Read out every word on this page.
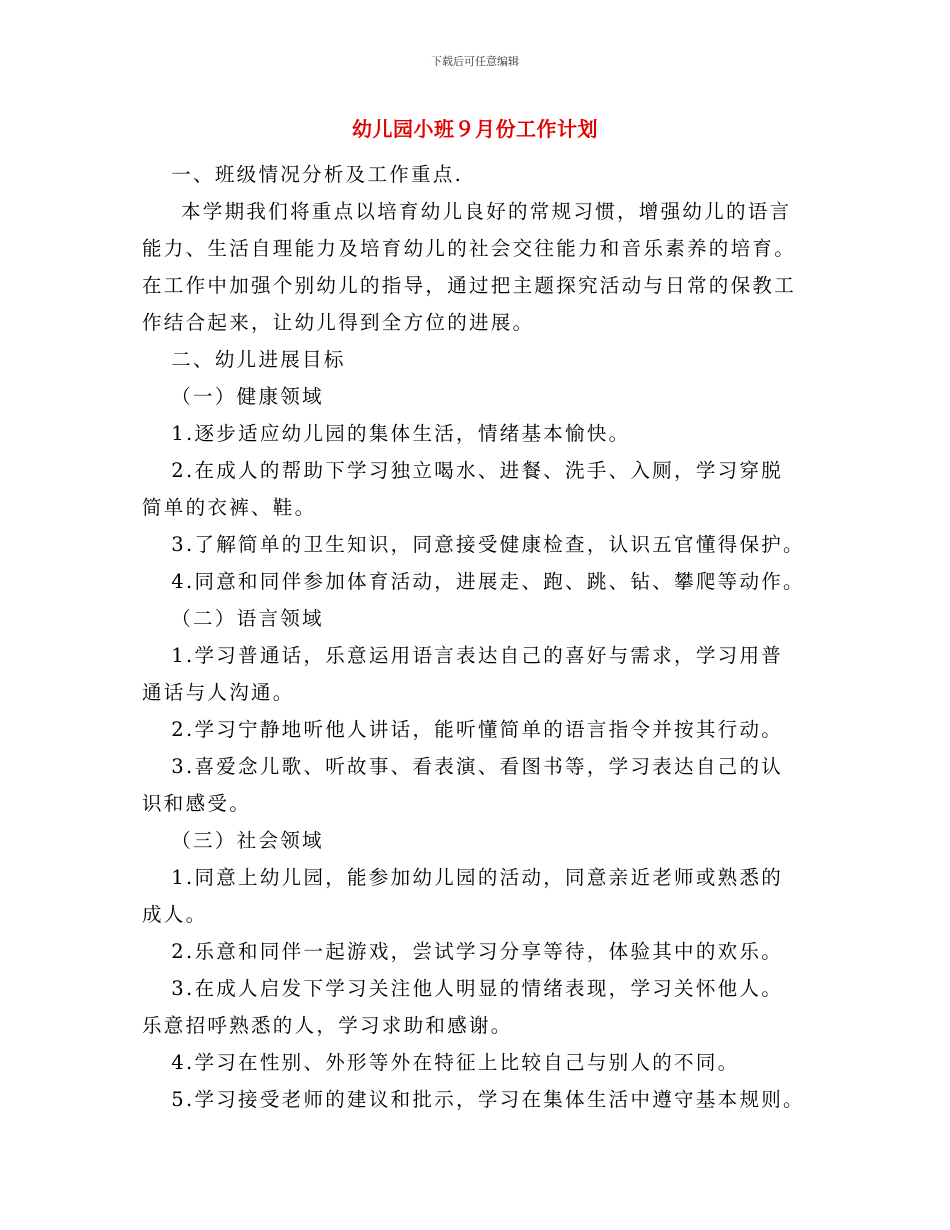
下载后可任意编辑
幼儿园小班９月份工作计划

一、班级情况分析及工作重点.

本学期我们将重点以培育幼儿良好的常规习惯，增强幼儿的语言
能力、生活自理能力及培育幼儿的社会交往能力和音乐素养的培育。
在工作中加强个别幼儿的指导，通过把主题探究活动与日常的保教工
作结合起来，让幼儿得到全方位的进展。

二、幼儿进展目标

（一）健康领域

1.逐步适应幼儿园的集体生活，情绪基本愉快。

2.在成人的帮助下学习独立喝水、进餐、洗手、入厕，学习穿脱
简单的衣裤、鞋。

3.了解简单的卫生知识，同意接受健康检查，认识五官懂得保护。

4.同意和同伴参加体育活动，进展走、跑、跳、钻、攀爬等动作。

（二）语言领域

1.学习普通话，乐意运用语言表达自己的喜好与需求，学习用普
通话与人沟通。

2.学习宁静地听他人讲话，能听懂简单的语言指令并按其行动。

3.喜爱念儿歌、听故事、看表演、看图书等，学习表达自己的认
识和感受。

（三）社会领域

1.同意上幼儿园，能参加幼儿园的活动，同意亲近老师或熟悉的
成人。

2.乐意和同伴一起游戏，尝试学习分享等待，体验其中的欢乐。

3.在成人启发下学习关注他人明显的情绪表现，学习关怀他人。
乐意招呼熟悉的人，学习求助和感谢。

4.学习在性别、外形等外在特征上比较自己与别人的不同。

5.学习接受老师的建议和批示，学习在集体生活中遵守基本规则。
